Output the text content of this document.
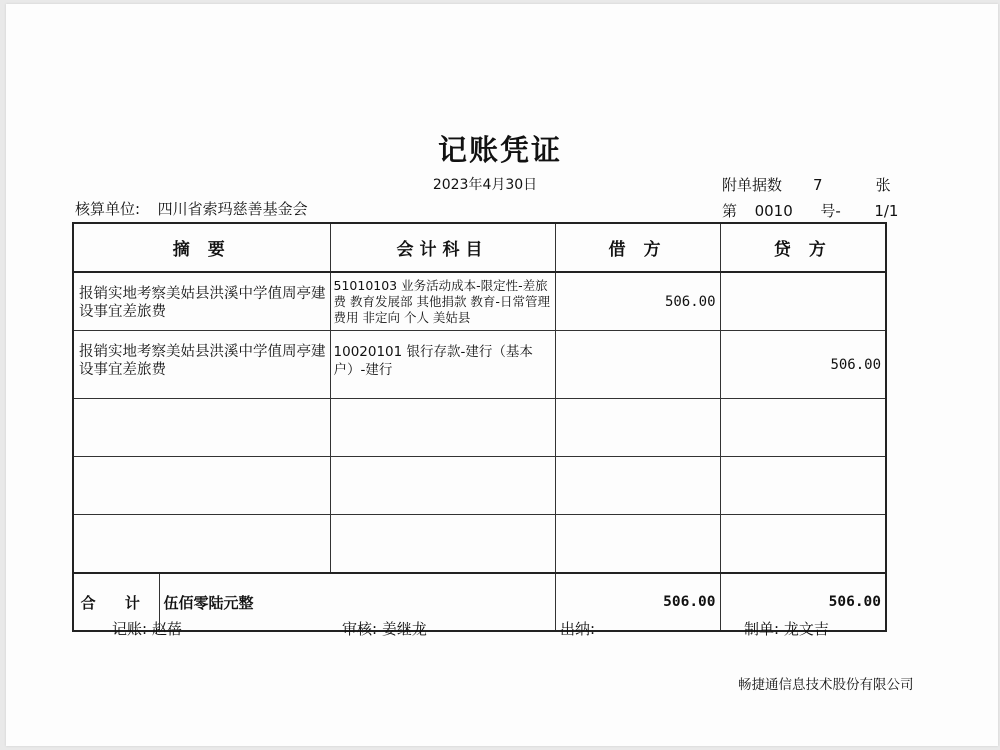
记账凭证
2023年4月30日
核算单位: 四川省索玛慈善基金会
附单据数 7	张
第 0010 号- 1/1
摘 要		会计科目	借 方	贷 方
报销实地考察美姑县洪溪中学值周亭建设事宜差旅费		51010103 业务活动成本-限定性-差旅费 教育发展部 其他捐款 教育-日常管理费用 非定向 个人 美姑县	506.00	
报销实地考察美姑县洪溪中学值周亭建设事宜差旅费		10020101 银行存款-建行（基本户）-建行		506.00

合 计	伍佰零陆元整		506.00	506.00
记账: 赵蓓	审核: 姜继龙	出纳:	制单: 龙文吉
畅捷通信息技术股份有限公司
